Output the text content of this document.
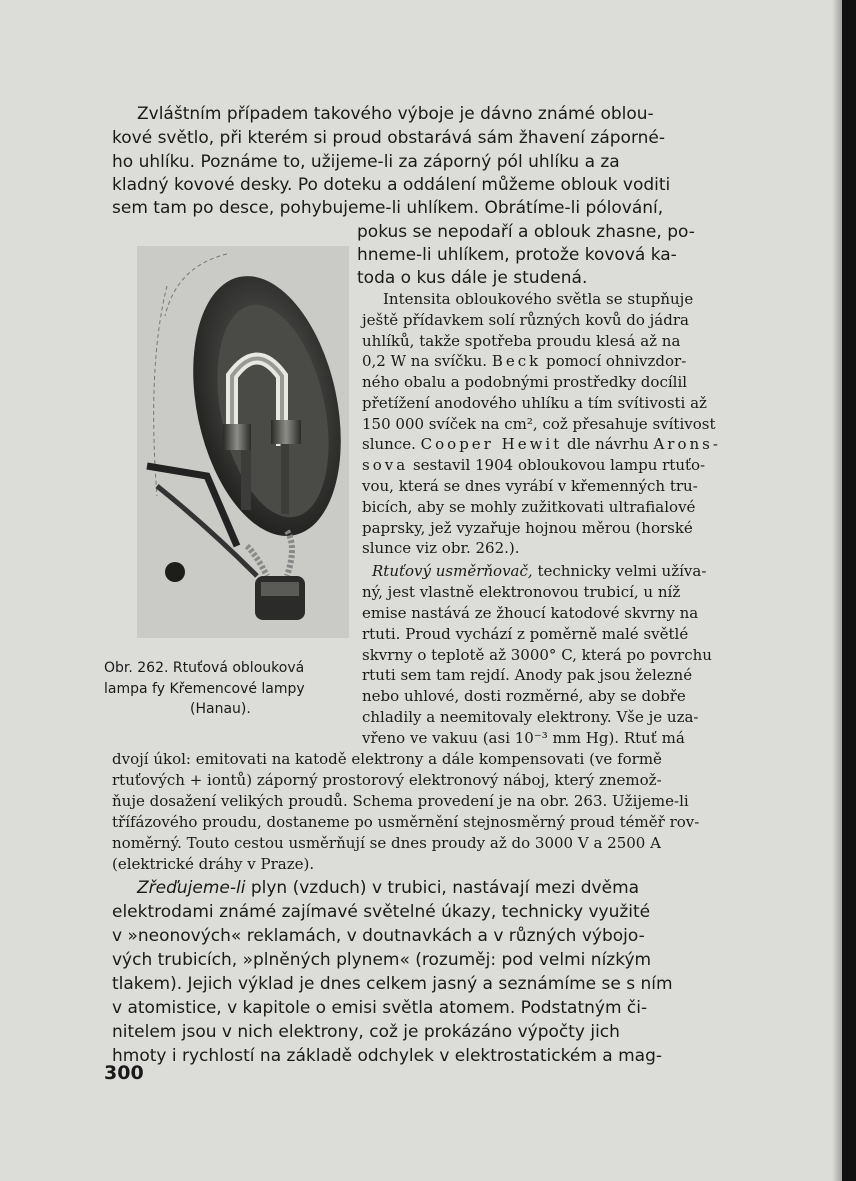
Zvláštním případem takového výboje je dávno známé oblou-
kové světlo, při kterém si proud obstarává sám žhavení záporné-
ho uhlíku. Poznáme to, užijeme-li za záporný pól uhlíku a za
kladný kovové desky. Po doteku a oddálení můžeme oblouk voditi
sem tam po desce, pohybujeme-li uhlíkem. Obrátíme-li pólování,
pokus se nepodaří a oblouk zhasne, po-
hneme-li uhlíkem, protože kovová ka-
toda o kus dále je studená.
Obr. 262. Rtuťová oblouková
lampa fy Křemencové lampy
(Hanau).
Intensita obloukového světla se stupňuje
ještě přídavkem solí různých kovů do jádra
uhlíků, takže spotřeba proudu klesá až na
0,2 W na svíčku. Beck pomocí ohnivzdor-
ného obalu a podobnými prostředky docílil
přetížení anodového uhlíku a tím svítivosti až
150 000 svíček na cm², což přesahuje svítivost
slunce. Cooper Hewit dle návrhu Arons-
sova sestavil 1904 obloukovou lampu rtuťo-
vou, která se dnes vyrábí v křemenných tru-
bicích, aby se mohly zužitkovati ultrafialové
paprsky, jež vyzařuje hojnou měrou (horské
slunce viz obr. 262.).
Rtuťový usměrňovač, technicky velmi užíva-
ný, jest vlastně elektronovou trubicí, u níž
emise nastává ze žhoucí katodové skvrny na
rtuti. Proud vychází z poměrně malé světlé
skvrny o teplotě až 3000° C, která po povrchu
rtuti sem tam rejdí. Anody pak jsou železné
nebo uhlové, dosti rozměrné, aby se dobře
chladily a neemitovaly elektrony. Vše je uza-
vřeno ve vakuu (asi 10⁻³ mm Hg). Rtuť má
dvojí úkol: emitovati na katodě elektrony a dále kompensovati (ve formě
rtuťových + iontů) záporný prostorový elektronový náboj, který znemož-
ňuje dosažení velikých proudů. Schema provedení je na obr. 263. Užijeme-li
třífázového proudu, dostaneme po usměrnění stejnosměrný proud téměř rov-
noměrný. Touto cestou usměrňují se dnes proudy až do 3000 V a 2500 A
(elektrické dráhy v Praze).
Zřeďujeme-li plyn (vzduch) v trubici, nastávají mezi dvěma
elektrodami známé zajímavé světelné úkazy, technicky využité
v »neonových« reklamách, v doutnavkách a v různých výbojo-
vých trubicích, »plněných plynem« (rozuměj: pod velmi nízkým
tlakem). Jejich výklad je dnes celkem jasný a seznámíme se s ním
v atomistice, v kapitole o emisi světla atomem. Podstatným či-
nitelem jsou v nich elektrony, což je prokázáno výpočty jich
hmoty i rychlostí na základě odchylek v elektrostatickém a mag-
300
